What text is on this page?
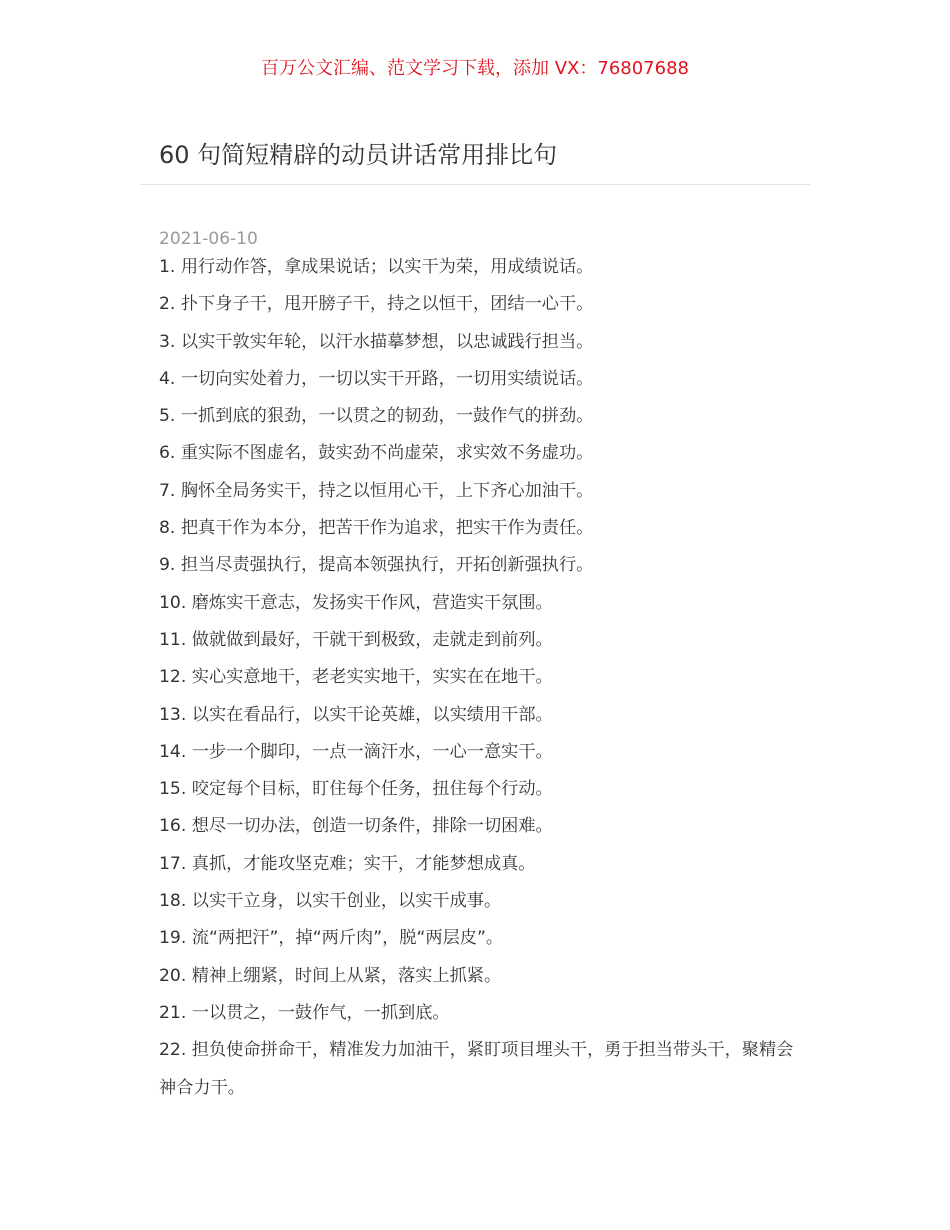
百万公文汇编、范文学习下载，添加 VX：76807688
60 句简短精辟的动员讲话常用排比句
2021-06-10
1. 用行动作答，拿成果说话；以实干为荣，用成绩说话。
2. 扑下身子干，甩开膀子干，持之以恒干，团结一心干。
3. 以实干敦实年轮，以汗水描摹梦想，以忠诚践行担当。
4. 一切向实处着力，一切以实干开路，一切用实绩说话。
5. 一抓到底的狠劲，一以贯之的韧劲，一鼓作气的拼劲。
6. 重实际不图虚名，鼓实劲不尚虚荣，求实效不务虚功。
7. 胸怀全局务实干，持之以恒用心干，上下齐心加油干。
8. 把真干作为本分，把苦干作为追求，把实干作为责任。
9. 担当尽责强执行，提高本领强执行，开拓创新强执行。
10. 磨炼实干意志，发扬实干作风，营造实干氛围。
11. 做就做到最好，干就干到极致，走就走到前列。
12. 实心实意地干，老老实实地干，实实在在地干。
13. 以实在看品行，以实干论英雄，以实绩用干部。
14. 一步一个脚印，一点一滴汗水，一心一意实干。
15. 咬定每个目标，盯住每个任务，扭住每个行动。
16. 想尽一切办法，创造一切条件，排除一切困难。
17. 真抓，才能攻坚克难；实干，才能梦想成真。
18. 以实干立身，以实干创业，以实干成事。
19. 流“两把汗”，掉“两斤肉”，脱“两层皮”。
20. 精神上绷紧，时间上从紧，落实上抓紧。
21. 一以贯之，一鼓作气，一抓到底。
22. 担负使命拼命干，精准发力加油干，紧盯项目埋头干，勇于担当带头干，聚精会神合力干。
